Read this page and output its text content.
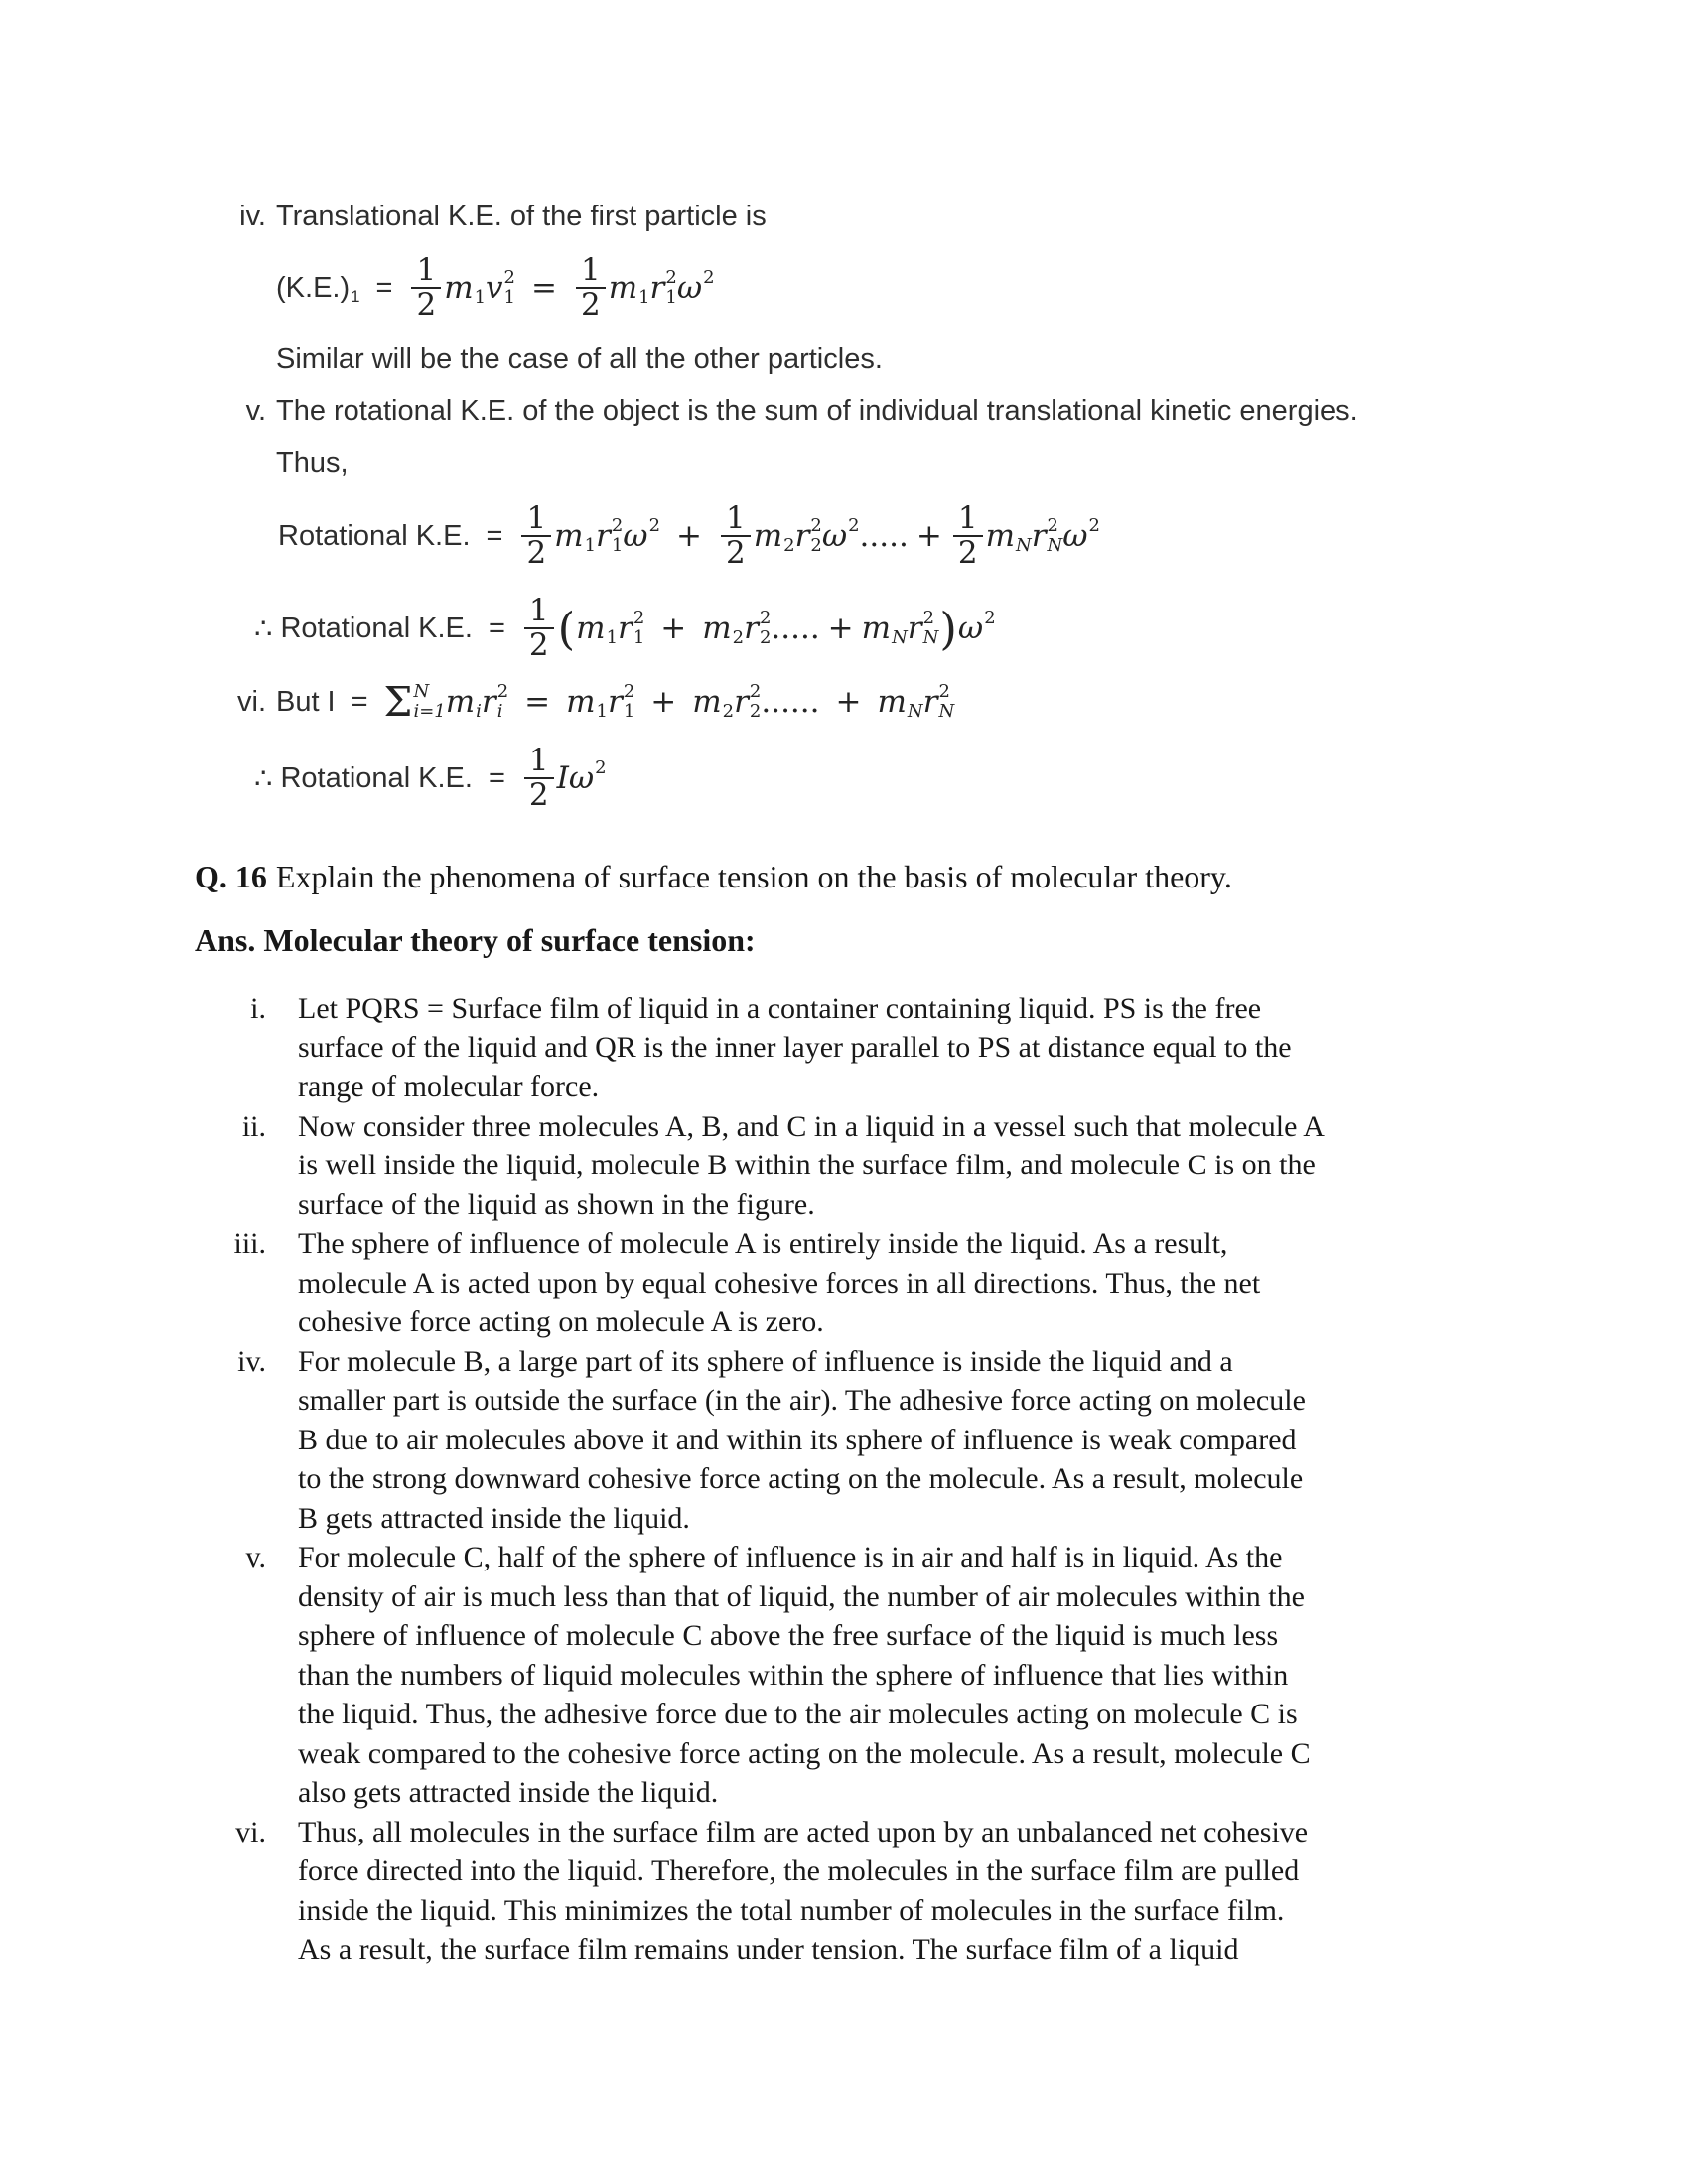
iv. Translational K.E. of the first particle is
( K . E . )
$1 = \frac{1}{2}$ m
1 v 2
$1 = \frac{1}{2}$ m
1 r 2
1 ω 2

Similar will be the case of all the other particles.
v. The rotational K.E. of the object is the sum of individual translational kinetic energies.
Thus,
R o t a t i o n a l K . E . = $\frac{1}{2}$ m
1 r 2
1 ω 2
+ $\frac{1}{2}$ m
2 r 2
2 ω 2
. . . . . + $\frac{1}{2}$ m
N r 2
N ω 2

∴ R o t a t i o n a l K . E . = $\frac{1}{2}$ ( m
1 r 2
1 + m
2 r 2
2 . . . . . + m
N r 2
N ) ω 2

vi. B u t I = Σ N
i=1 m
i r 2
i = m
1 r 2
1 + m
2 r 2
2 . . . . . . + m
N r 2
N
∴ R o t a t i o n a l K . E . = $\frac{1}{2}$ I ω 2

Q. 16 Explain the phenomena of surface tension on the basis of molecular theory.
Ans. Molecular theory of surface tension:
i. Let PQRS = Surface film of liquid in a container containing liquid. PS is the free
surface of the liquid and QR is the inner layer parallel to PS at distance equal to the
range of molecular force.
ii. Now consider three molecules A, B, and C in a liquid in a vessel such that molecule A
is well inside the liquid, molecule B within the surface film, and molecule C is on the
surface of the liquid as shown in the figure.
iii. The sphere of influence of molecule A is entirely inside the liquid. As a result,
molecule A is acted upon by equal cohesive forces in all directions. Thus, the net
cohesive force acting on molecule A is zero.
iv. For molecule B, a large part of its sphere of influence is inside the liquid and a
smaller part is outside the surface (in the air). The adhesive force acting on molecule
B due to air molecules above it and within its sphere of influence is weak compared
to the strong downward cohesive force acting on the molecule. As a result, molecule
B gets attracted inside the liquid.
v. For molecule C, half of the sphere of influence is in air and half is in liquid. As the
density of air is much less than that of liquid, the number of air molecules within the
sphere of influence of molecule C above the free surface of the liquid is much less
than the numbers of liquid molecules within the sphere of influence that lies within
the liquid. Thus, the adhesive force due to the air molecules acting on molecule C is
weak compared to the cohesive force acting on the molecule. As a result, molecule C
also gets attracted inside the liquid.
vi. Thus, all molecules in the surface film are acted upon by an unbalanced net cohesive
force directed into the liquid. Therefore, the molecules in the surface film are pulled
inside the liquid. This minimizes the total number of molecules in the surface film.
As a result, the surface film remains under tension. The surface film of a liquid
